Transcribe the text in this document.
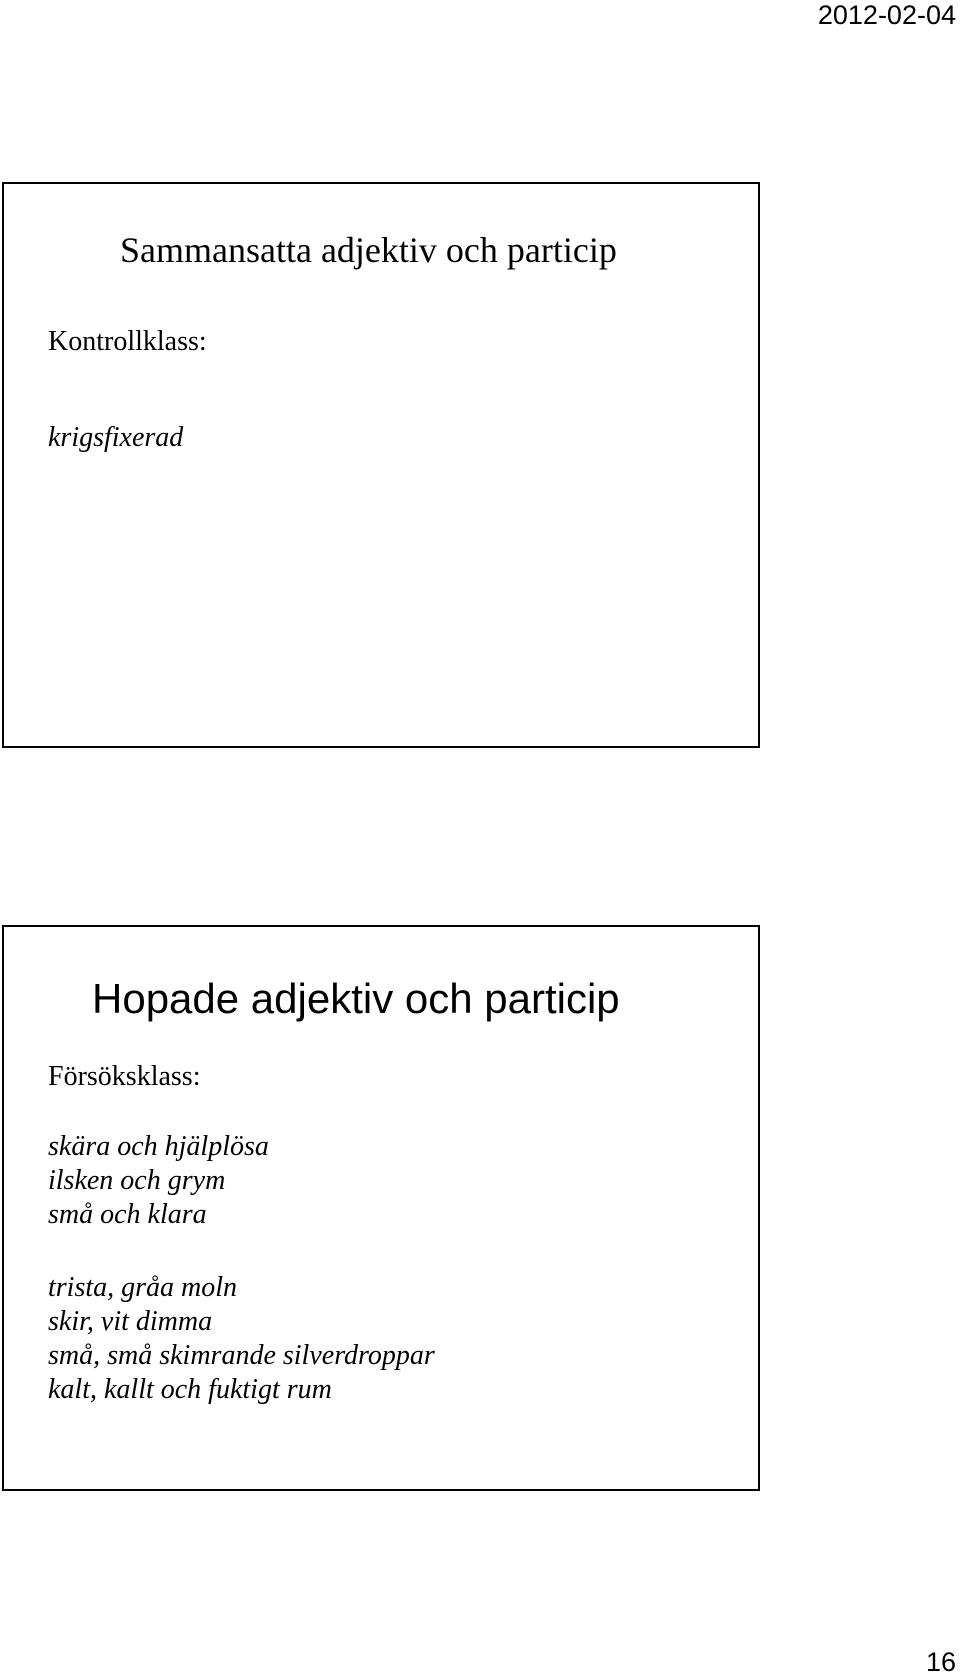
2012-02-04
Sammansatta adjektiv och particip
Kontrollklass:
krigsfixerad
Hopade adjektiv och particip
Försöksklass:
skära och hjälplösa
ilsken och grym
små och klara
trista, gråa moln
skir, vit dimma
små, små skimrande silverdroppar
kalt, kallt och fuktigt rum
16
